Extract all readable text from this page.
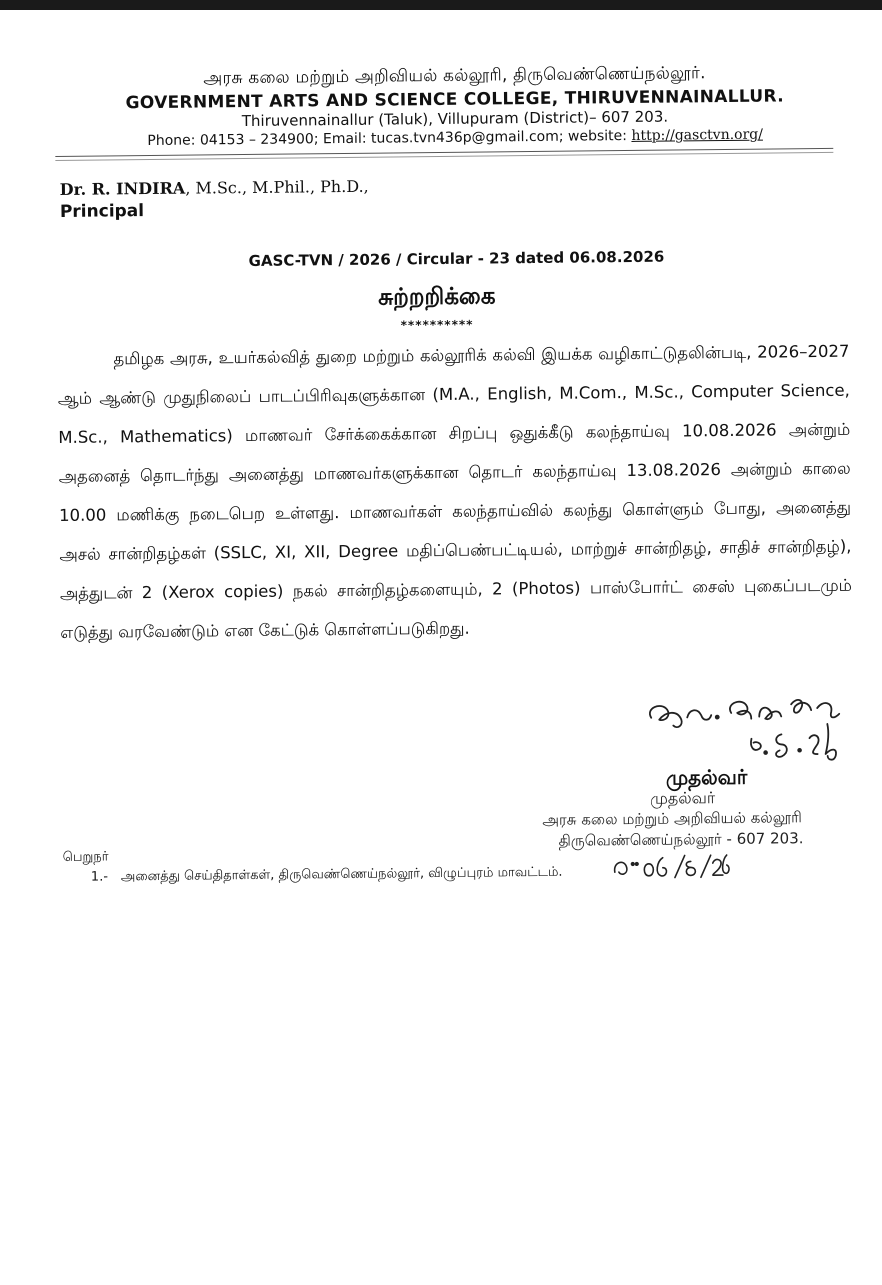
அரசு கலை மற்றும் அறிவியல் கல்லூரி, திருவெண்ணெய்நல்லூர்.
GOVERNMENT ARTS AND SCIENCE COLLEGE, THIRUVENNAINALLUR.
Thiruvennainallur (Taluk), Villupuram (District)– 607 203.
Phone: 04153 – 234900; Email: tucas.tvn436p@gmail.com; website: http://gasctvn.org/
Dr. R. INDIRA, M.Sc., M.Phil., Ph.D.,
Principal
GASC-TVN / 2026 / Circular - 23 dated 06.08.2026
சுற்றறிக்கை
**********
தமிழக அரசு, உயர்கல்வித் துறை மற்றும் கல்லூரிக் கல்வி இயக்க வழிகாட்டுதலின்படி, 2026–2027 ஆம் ஆண்டு முதுநிலைப் பாடப்பிரிவுகளுக்கான (M.A., English, M.Com., M.Sc., Computer Science, M.Sc., Mathematics) மாணவர் சேர்க்கைக்கான சிறப்பு ஒதுக்கீடு கலந்தாய்வு 10.08.2026 அன்றும் அதனைத் தொடர்ந்து அனைத்து மாணவர்களுக்கான தொடர் கலந்தாய்வு 13.08.2026 அன்றும் காலை 10.00 மணிக்கு நடைபெற உள்ளது. மாணவர்கள் கலந்தாய்வில் கலந்து கொள்ளும் போது, அனைத்து அசல் சான்றிதழ்கள் (SSLC, XI, XII, Degree மதிப்பெண்பட்டியல், மாற்றுச் சான்றிதழ், சாதிச் சான்றிதழ்), அத்துடன் 2 (Xerox copies) நகல் சான்றிதழ்களையும், 2 (Photos) பாஸ்போர்ட் சைஸ் புகைப்படமும் எடுத்து வரவேண்டும் என கேட்டுக் கொள்ளப்படுகிறது.
முதல்வர்
முதல்வர்
அரசு கலை மற்றும் அறிவியல் கல்லூரி
திருவெண்ணெய்நல்லூர் - 607 203.
பெறுநர்
1.- அனைத்து செய்திதாள்கள், திருவெண்ணெய்நல்லூர், விழுப்புரம் மாவட்டம்.
